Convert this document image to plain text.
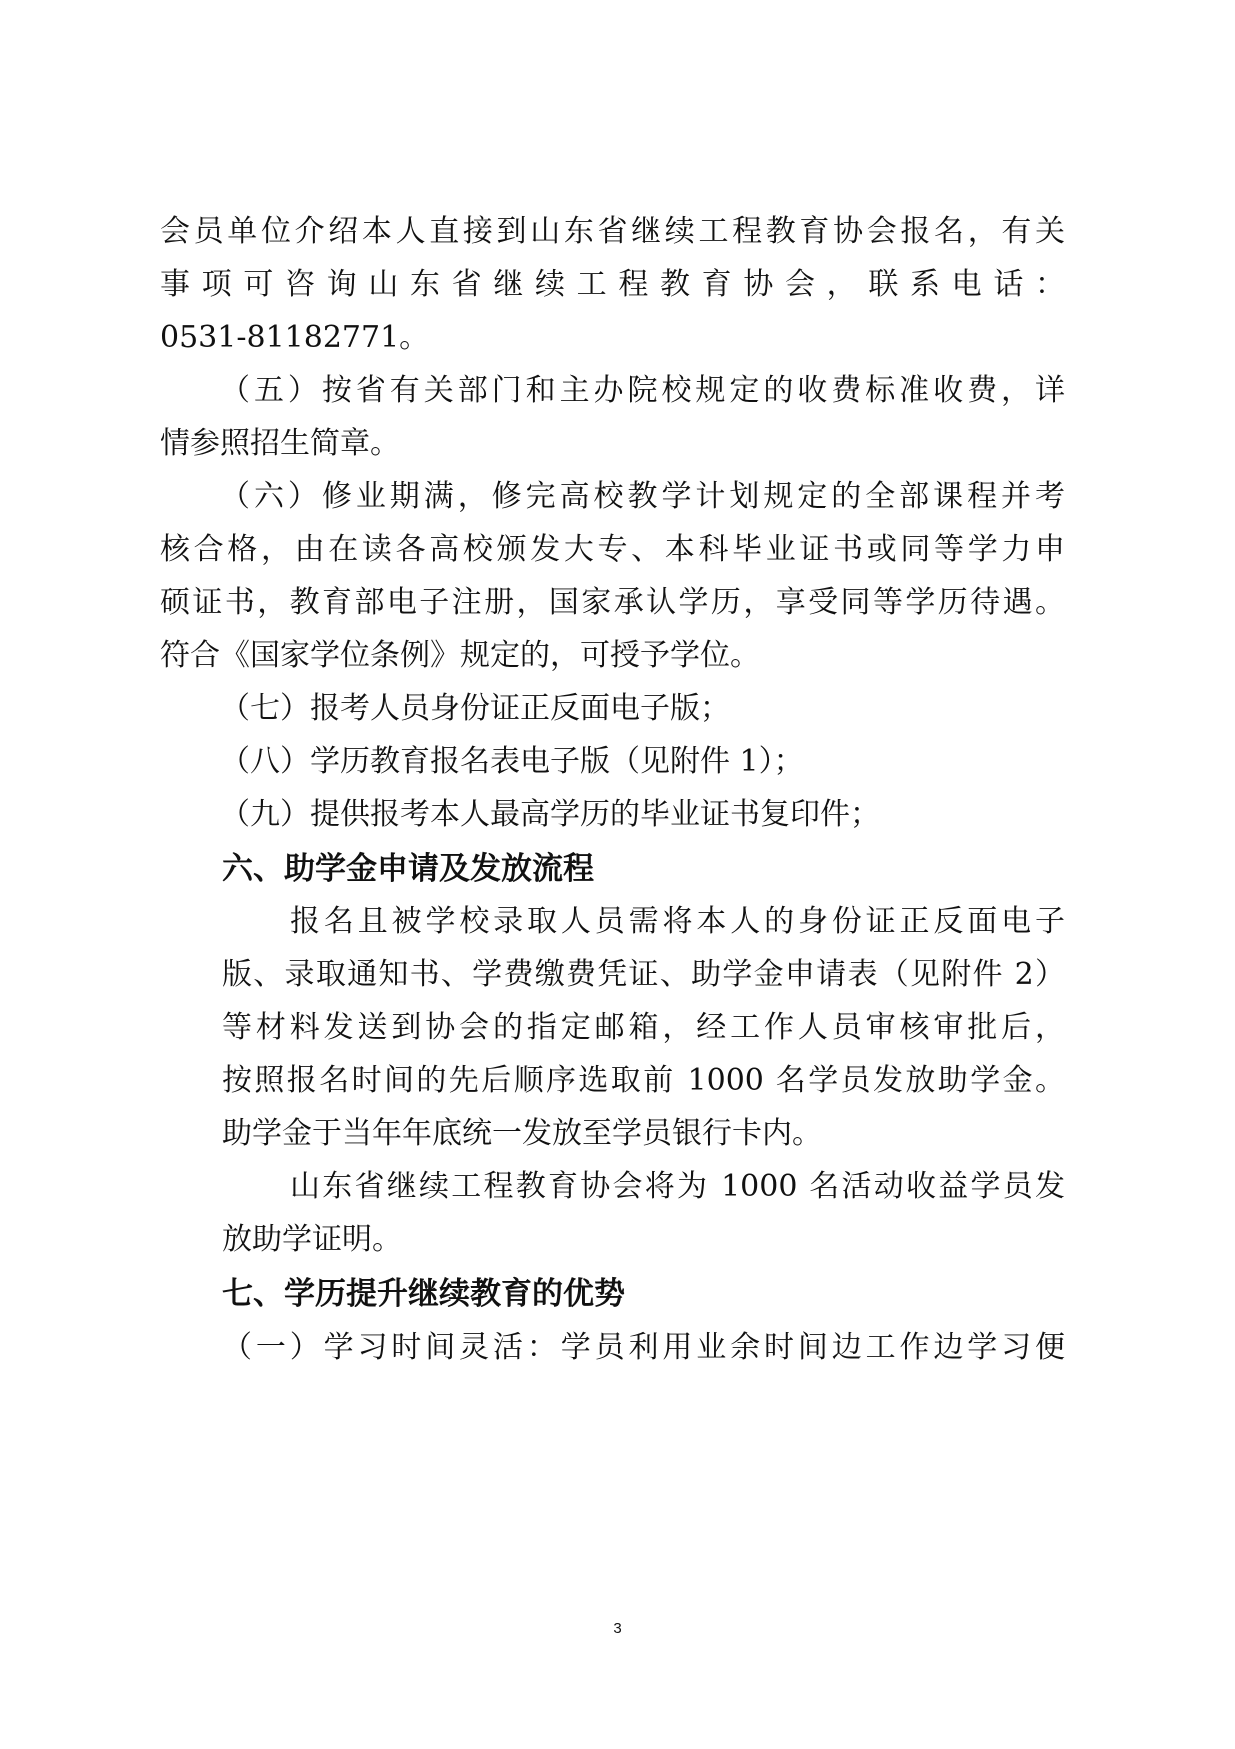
会员单位介绍本人直接到山东省继续工程教育协会报名，有关
事项可咨询山东省继续工程教育协会，联系电话：
0531-81182771。
（五）按省有关部门和主办院校规定的收费标准收费，详
情参照招生简章。
（六）修业期满，修完高校教学计划规定的全部课程并考
核合格，由在读各高校颁发大专、本科毕业证书或同等学力申
硕证书，教育部电子注册，国家承认学历，享受同等学历待遇。
符合《国家学位条例》规定的，可授予学位。
（七）报考人员身份证正反面电子版；
（八）学历教育报名表电子版（见附件 1）；
（九）提供报考本人最高学历的毕业证书复印件；
六、助学金申请及发放流程
报名且被学校录取人员需将本人的身份证正反面电子
版、录取通知书、学费缴费凭证、助学金申请表（见附件 2）
等材料发送到协会的指定邮箱，经工作人员审核审批后，
按照报名时间的先后顺序选取前 1000 名学员发放助学金。
助学金于当年年底统一发放至学员银行卡内。
山东省继续工程教育协会将为 1000 名活动收益学员发
放助学证明。
七、学历提升继续教育的优势
（一）学习时间灵活：学员利用业余时间边工作边学习便
3
